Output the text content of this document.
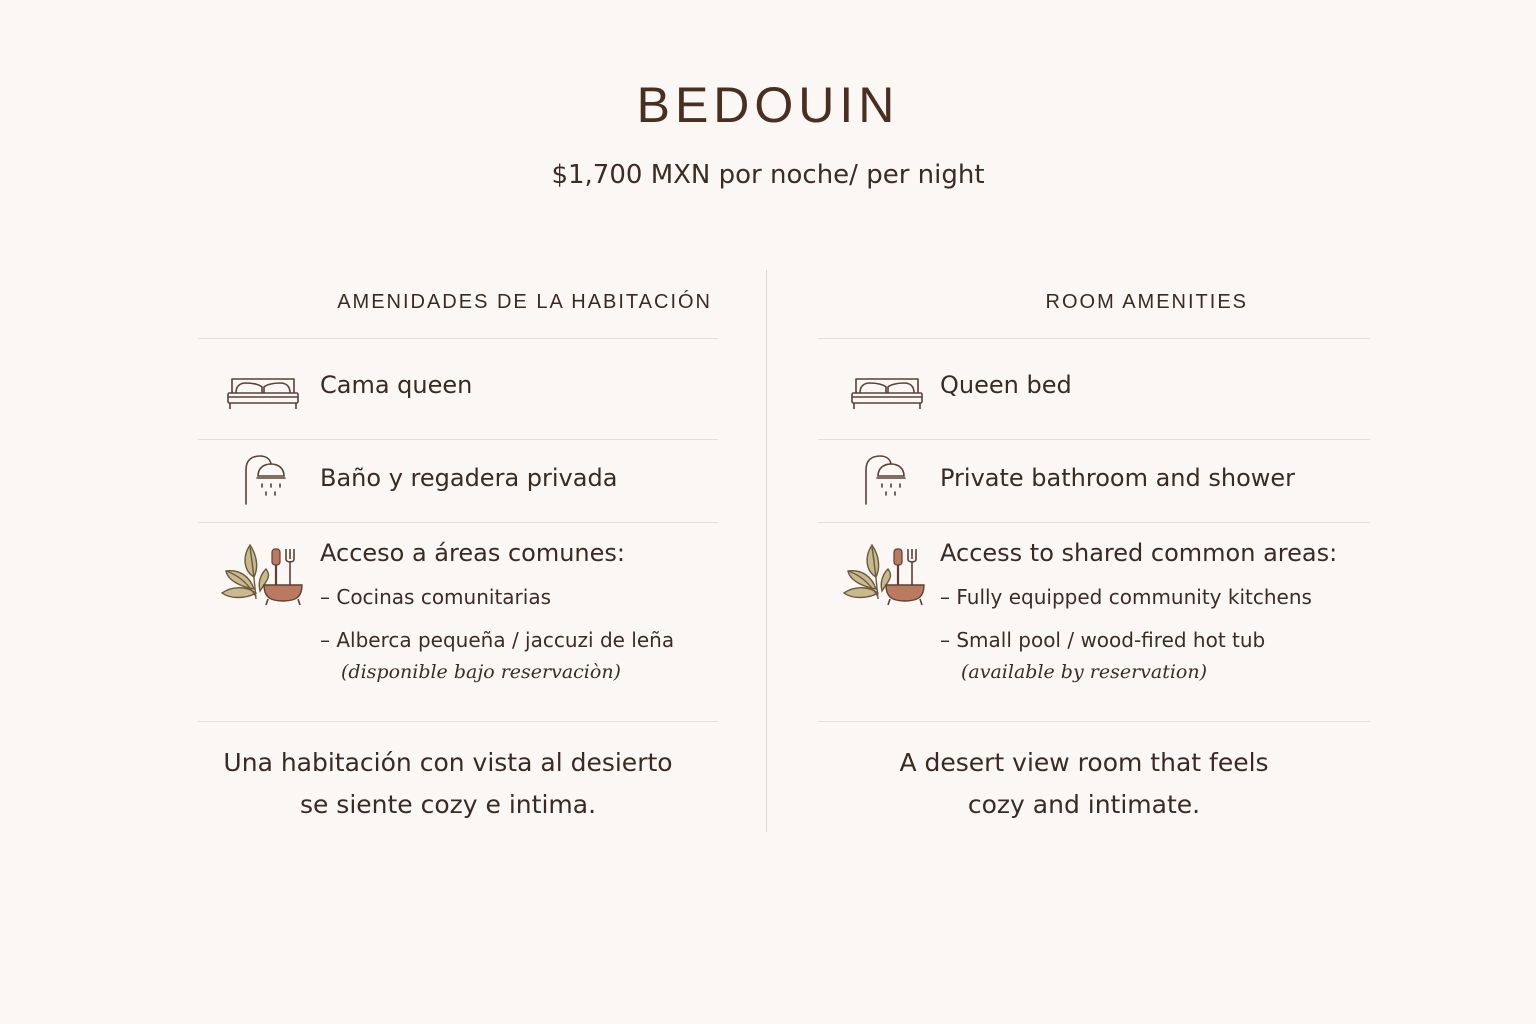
BEDOUIN
$1,700 MXN por noche/ per night
AMENIDADES DE LA HABITACIÓN
Cama queen
Baño y regadera privada
Acceso a áreas comunes:
– Cocinas comunitarias
– Alberca pequeña / jaccuzi de leña
(disponible bajo reservaciòn)
Una habitación con vista al desierto
se siente cozy e intima.
ROOM AMENITIES
Queen bed
Private bathroom and shower
Access to shared common areas:
– Fully equipped community kitchens
– Small pool / wood-fired hot tub
(available by reservation)
A desert view room that feels
cozy and intimate.
